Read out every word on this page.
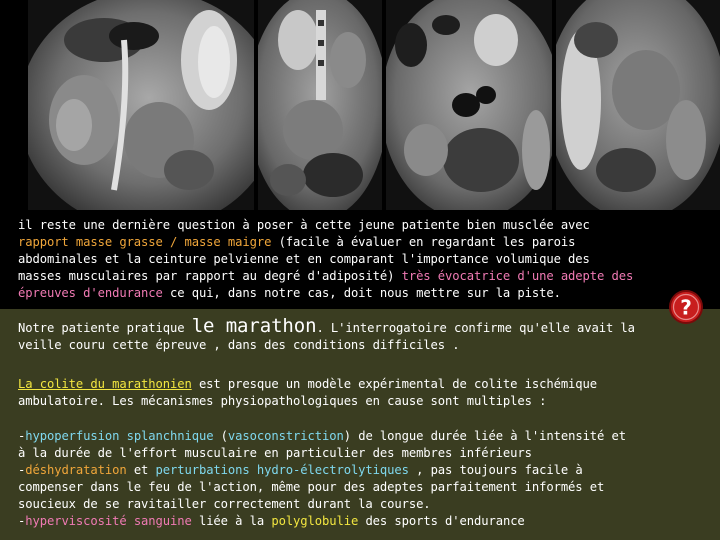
il reste une dernière question à poser à cette jeune patiente bien musclée avec rapport masse grasse / masse maigre (facile à évaluer en regardant les parois abdominales et la ceinture pelvienne et en comparant l'importance volumique des masses musculaires par rapport au degré d'adiposité) très évocatrice d'une adepte des épreuves d'endurance ce qui, dans notre cas, doit nous mettre sur la piste.
Notre patiente pratique le marathon. L'interrogatoire confirme qu'elle avait la veille couru cette épreuve , dans des conditions difficiles .
La colite du marathonien est presque un modèle expérimental de colite ischémique ambulatoire. Les mécanismes physiopathologiques en cause sont multiples :
-hypoperfusion splanchnique (vasoconstriction) de longue durée liée à l'intensité et à la durée de l'effort musculaire en particulier des membres inférieurs
-déshydratation et perturbations hydro-électrolytiques , pas toujours facile à compenser dans le feu de l'action, même pour des adeptes parfaitement informés et soucieux de se ravitailler correctement durant la course.
-hyperviscosité sanguine liée à la polyglobulie des sports d'endurance
?
